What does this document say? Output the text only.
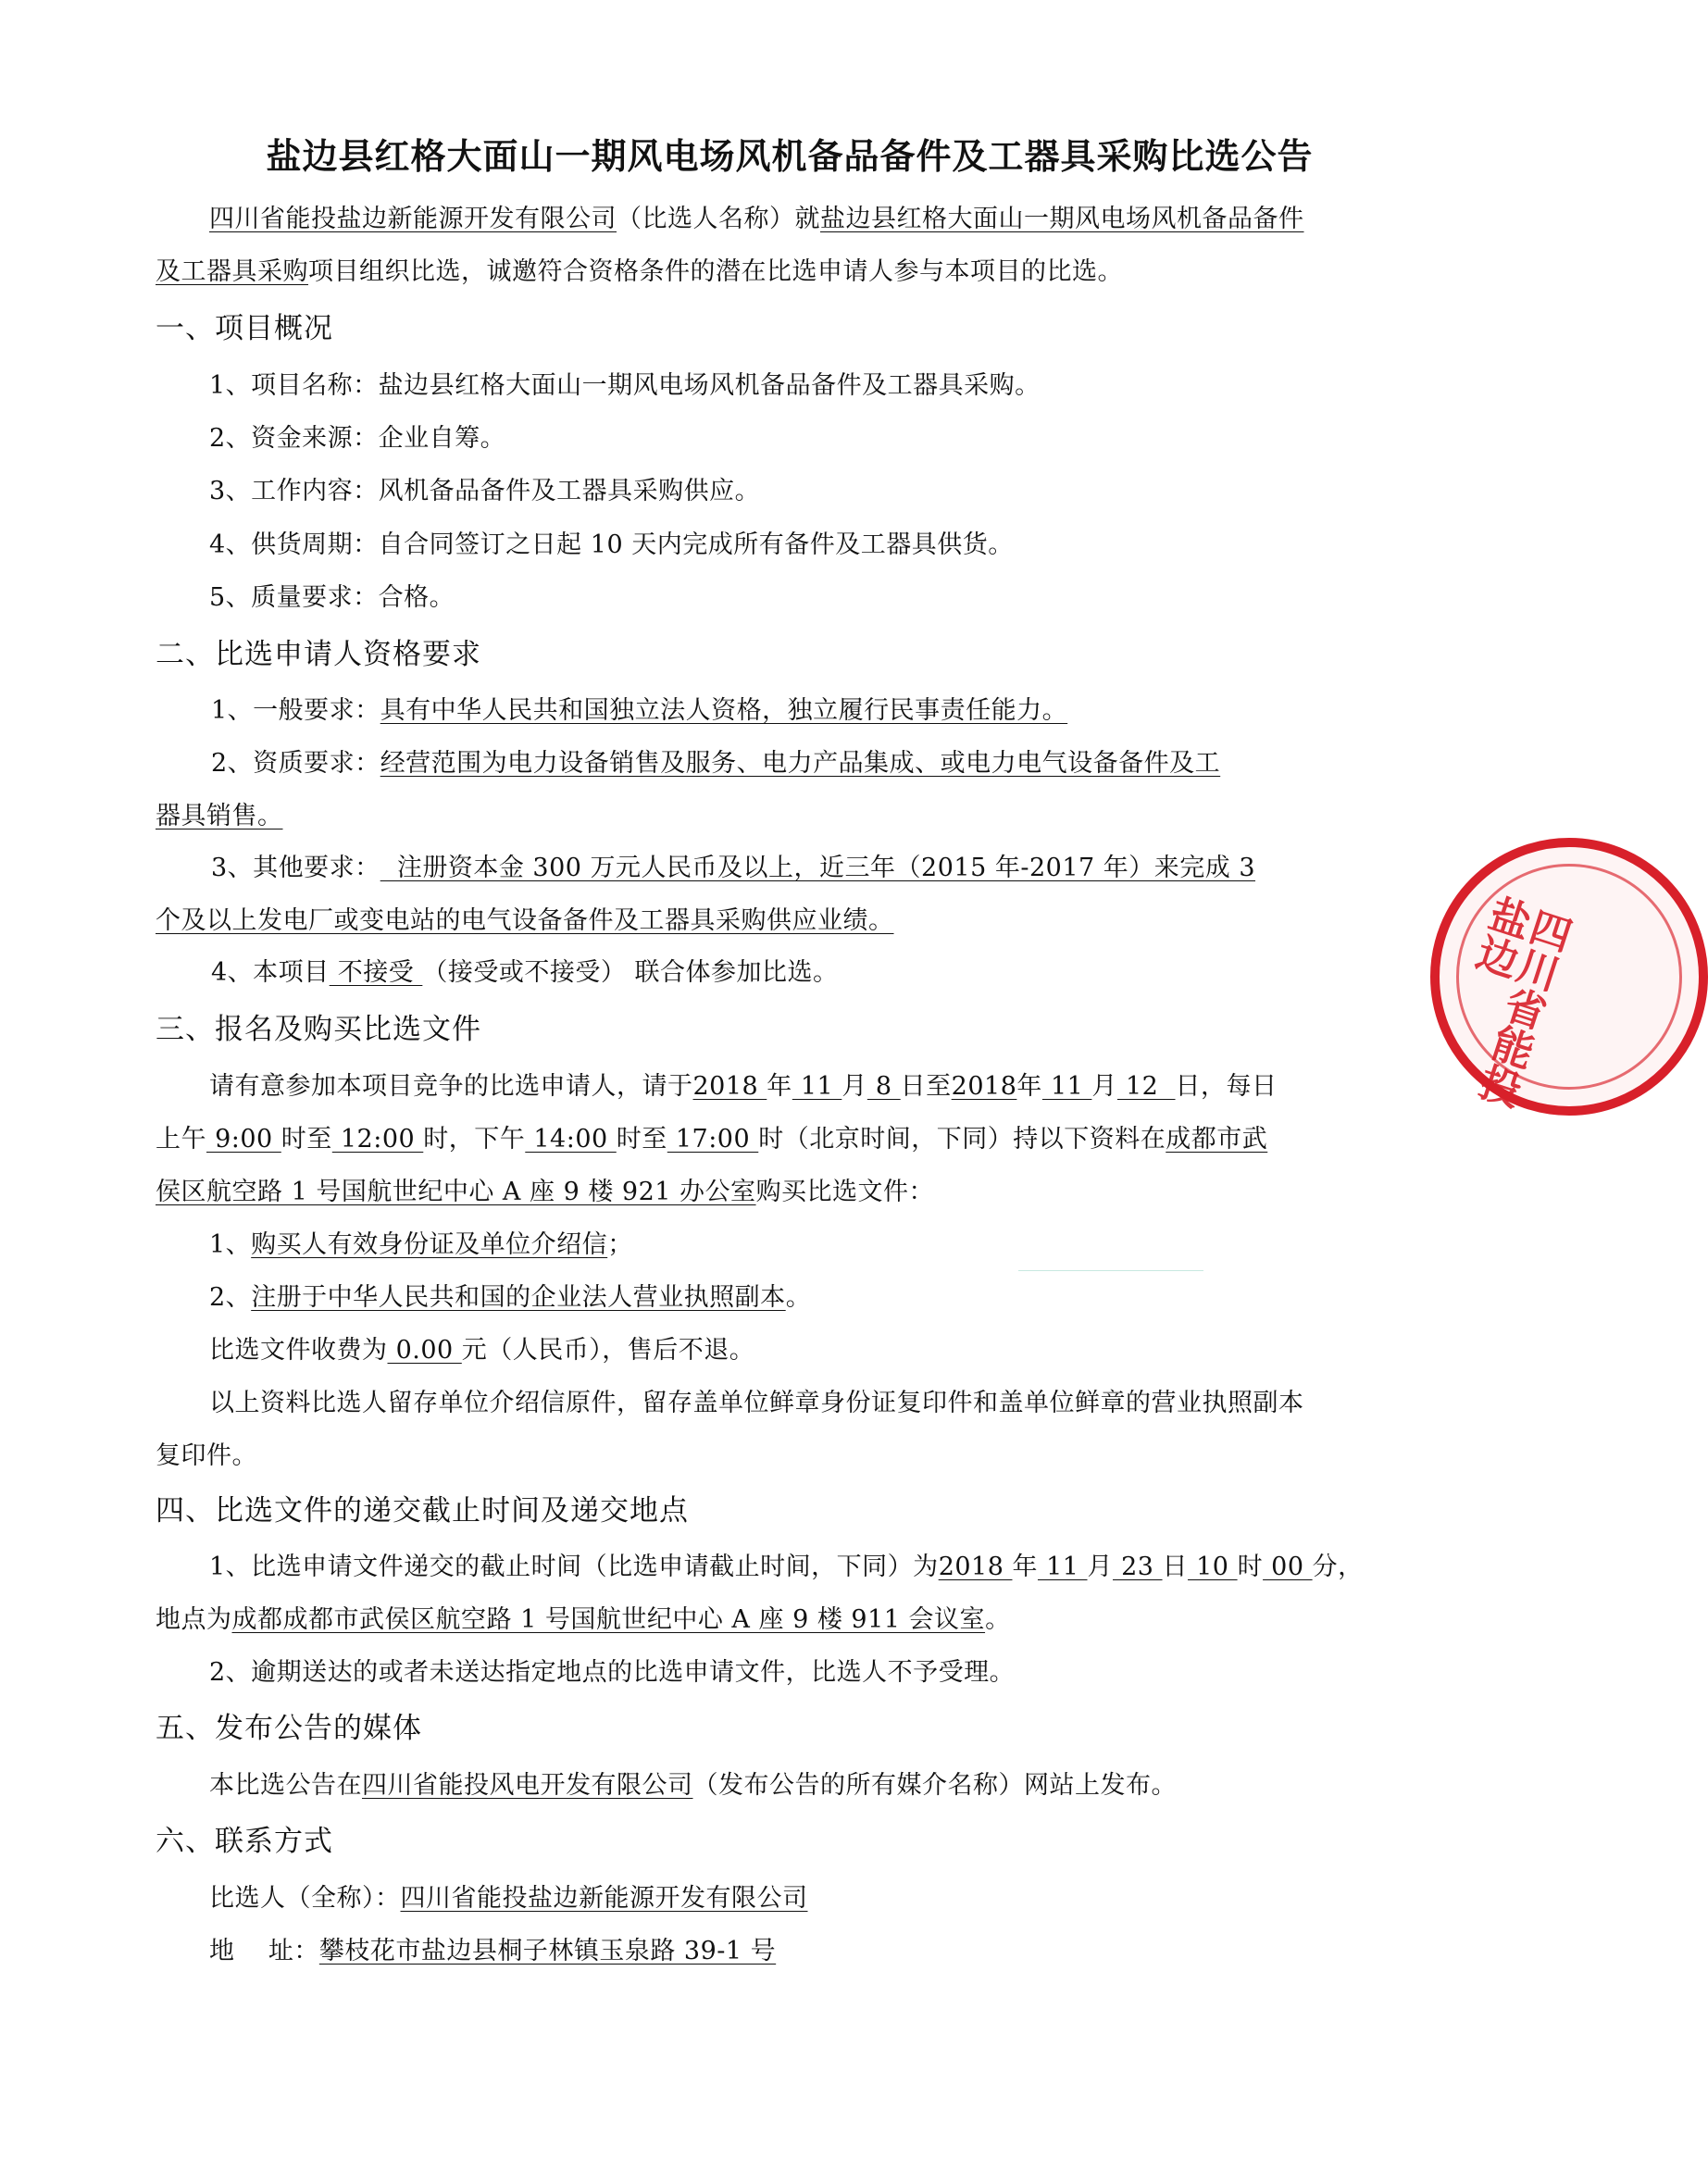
盐边县红格大面山一期风电场风机备品备件及工器具采购比选公告
四川省能投盐边新能源开发有限公司（比选人名称）就盐边县红格大面山一期风电场风机备品备件
及工器具采购项目组织比选，诚邀符合资格条件的潜在比选申请人参与本项目的比选。
一、项目概况
1、项目名称：盐边县红格大面山一期风电场风机备品备件及工器具采购。
2、资金来源：企业自筹。
3、工作内容：风机备品备件及工器具采购供应。
4、供货周期：自合同签订之日起 10 天内完成所有备件及工器具供货。
5、质量要求：合格。
二、比选申请人资格要求
1、一般要求：具有中华人民共和国独立法人资格，独立履行民事责任能力。
2、资质要求：经营范围为电力设备销售及服务、电力产品集成、或电力电气设备备件及工
器具销售。
3、其他要求：  注册资本金 300 万元人民币及以上，近三年（2015 年-2017 年）来完成 3
个及以上发电厂或变电站的电气设备备件及工器具采购供应业绩。
4、本项目 不接受 （接受或不接受） 联合体参加比选。
三、报名及购买比选文件
请有意参加本项目竞争的比选申请人，请于2018 年 11 月 8 日至2018年 11 月 12  日，每日
上午 9:00 时至 12:00 时，下午 14:00 时至 17:00 时（北京时间，下同）持以下资料在成都市武
侯区航空路 1 号国航世纪中心 A 座 9 楼 921 办公室购买比选文件：
1、购买人有效身份证及单位介绍信；
2、注册于中华人民共和国的企业法人营业执照副本。
比选文件收费为 0.00 元（人民币），售后不退。
以上资料比选人留存单位介绍信原件，留存盖单位鲜章身份证复印件和盖单位鲜章的营业执照副本
复印件。
四、比选文件的递交截止时间及递交地点
1、比选申请文件递交的截止时间（比选申请截止时间，下同）为2018 年 11 月 23 日 10 时 00 分，
地点为成都成都市武侯区航空路 1 号国航世纪中心 A 座 9 楼 911 会议室。
2、逾期送达的或者未送达指定地点的比选申请文件，比选人不予受理。
五、发布公告的媒体
本比选公告在四川省能投风电开发有限公司（发布公告的所有媒介名称）网站上发布。
六、联系方式
比选人（全称）：四川省能投盐边新能源开发有限公司
地    址：攀枝花市盐边县桐子林镇玉泉路 39-1 号
四川省能投盐边
